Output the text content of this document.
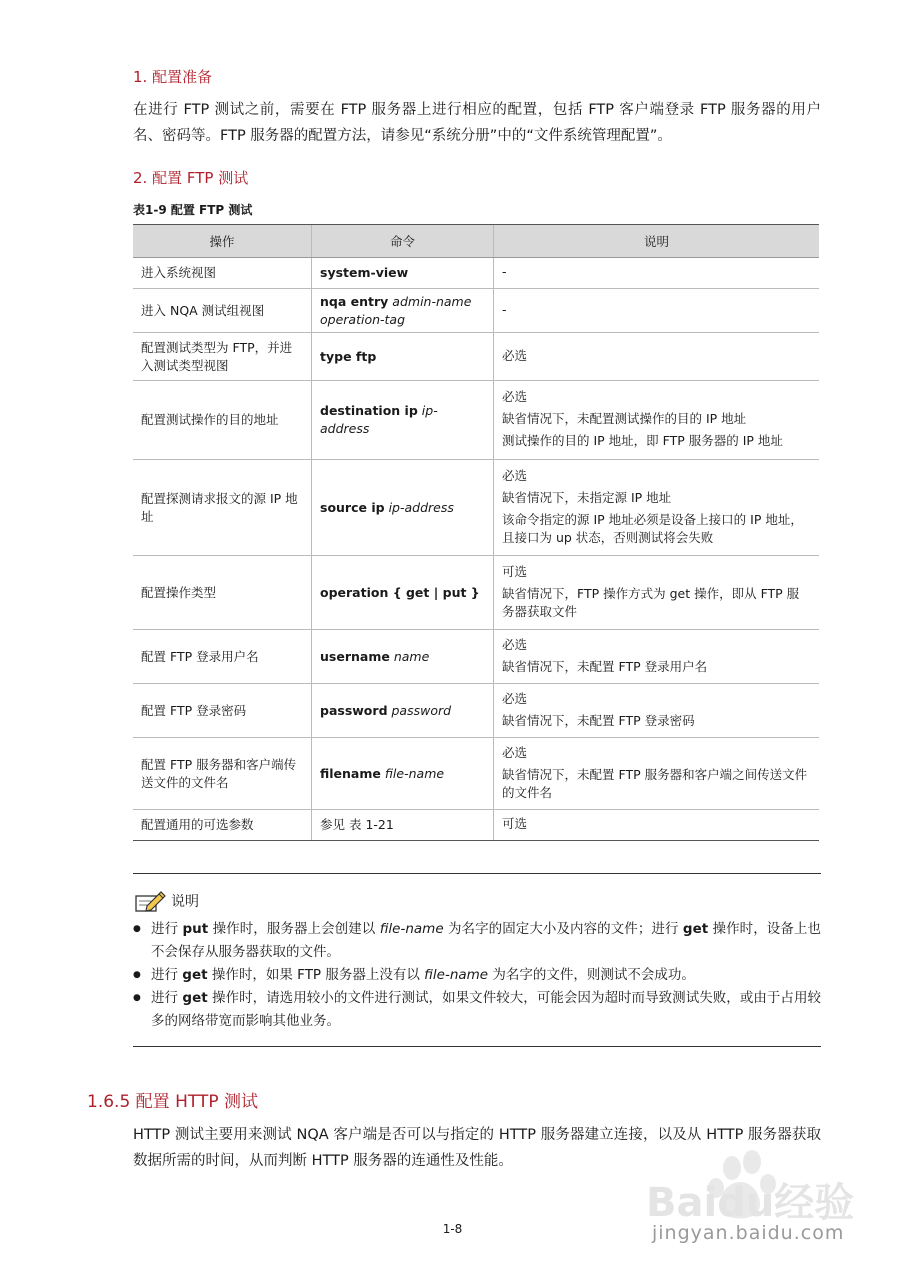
1. 配置准备
在进行 FTP 测试之前，需要在 FTP 服务器上进行相应的配置，包括 FTP 客户端登录 FTP 服务器的用户名、密码等。FTP 服务器的配置方法，请参见“系统分册”中的“文件系统管理配置”。
2. 配置 FTP 测试
表1-9 配置 FTP 测试
操作	命令	说明
进入系统视图	system-view	-

进入 NQA 测试组视图	nqa entry admin-name operation-tag	-

配置测试类型为 FTP，并进入测试类型视图	type ftp	必选

配置测试操作的目的地址	destination ip ip-address	必选
缺省情况下，未配置测试操作的目的 IP 地址
测试操作的目的 IP 地址，即 FTP 服务器的 IP 地址

配置探测请求报文的源 IP 地址	source ip ip-address	必选
缺省情况下，未指定源 IP 地址
该命令指定的源 IP 地址必须是设备上接口的 IP 地址，且接口为 up 状态，否则测试将会失败

配置操作类型	operation { get | put }	可选
缺省情况下，FTP 操作方式为 get 操作，即从 FTP 服务器获取文件

配置 FTP 登录用户名	username name	必选
缺省情况下，未配置 FTP 登录用户名

配置 FTP 登录密码	password password	必选
缺省情况下，未配置 FTP 登录密码

配置 FTP 服务器和客户端传送文件的文件名	filename file-name	必选
缺省情况下，未配置 FTP 服务器和客户端之间传送文件的文件名

配置通用的可选参数	参见 表 1-21	可选
说明
● 进行 put 操作时，服务器上会创建以 file-name 为名字的固定大小及内容的文件；进行 get 操作时，设备上也不会保存从服务器获取的文件。
● 进行 get 操作时，如果 FTP 服务器上没有以 file-name 为名字的文件，则测试不会成功。
● 进行 get 操作时，请选用较小的文件进行测试，如果文件较大，可能会因为超时而导致测试失败，或由于占用较多的网络带宽而影响其他业务。
1.6.5 配置 HTTP 测试
HTTP 测试主要用来测试 NQA 客户端是否可以与指定的 HTTP 服务器建立连接，以及从 HTTP 服务器获取数据所需的时间，从而判断 HTTP 服务器的连通性及性能。
1-8
Baidu经验
jingyan.baidu.com
